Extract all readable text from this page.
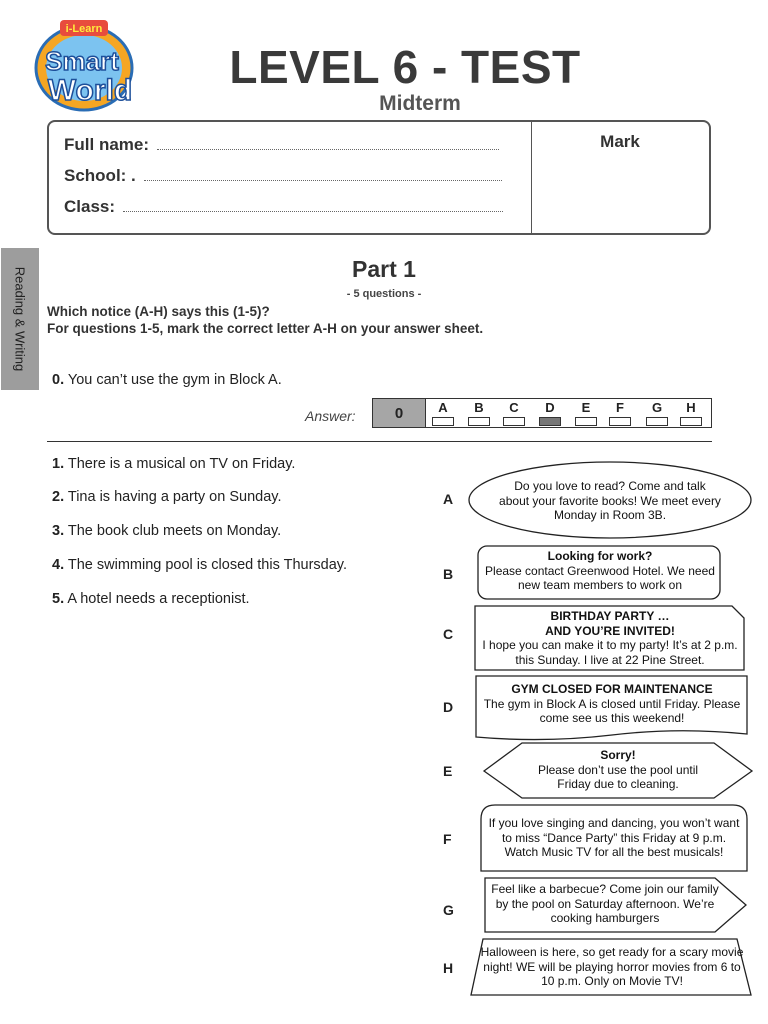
i-Learn
Smart
World	LEVEL 6 - TEST
Midterm
Full name:
School: .
Class:
Mark
Reading & Writing	Part 1
- 5 questions -
Which notice (A-H) says this (1-5)?
For questions 1-5, mark the correct letter A-H on your answer sheet.
0. You can’t use the gym in Block A.
Answer:	0	A	B	C	D	E	F	G	H
1. There is a musical on TV on Friday.
2. Tina is having a party on Sunday.
3. The book club meets on Monday.
4. The swimming pool is closed this Thursday.
5. A hotel needs a receptionist.
A
B
C
D
E
F
G
H
Do you love to read? Come and talk about your favorite books! We meet every Monday in Room 3B.
Looking for work?
Please contact Greenwood Hotel. We need new team members to work on
BIRTHDAY PARTY …
AND YOU’RE INVITED!
I hope you can make it to my party! It’s at 2 p.m. this Sunday. I live at 22 Pine Street.
GYM CLOSED FOR MAINTENANCE
The gym in Block A is closed until Friday. Please come see us this weekend!
Sorry!
Please don’t use the pool until Friday due to cleaning.
If you love singing and dancing, you won’t want to miss “Dance Party” this Friday at 9 p.m. Watch Music TV for all the best musicals!
Feel like a barbecue? Come join our family by the pool on Saturday afternoon. We’re cooking hamburgers
Halloween is here, so get ready for a scary movie night! WE will be playing horror movies from 6 to 10 p.m. Only on Movie TV!
